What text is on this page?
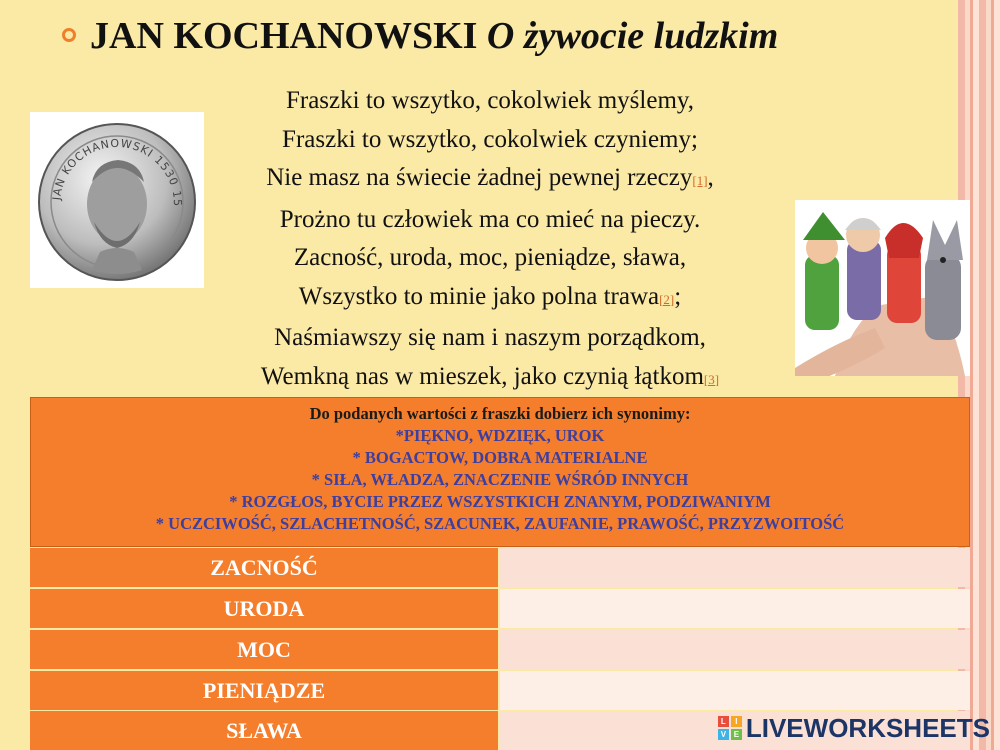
JAN KOCHANOWSKI O żywocie ludzkim
JAN KOCHANOWSKI 1530 15
Fraszki to wszytko, cokolwiek myślemy,
Fraszki to wszytko, cokolwiek czyniemy;
Nie masz na świecie żadnej pewnej rzeczy[1],
Prożno tu człowiek ma co mieć na pieczy.
Zacność, uroda, moc, pieniądze, sława,
Wszystko to minie jako polna trawa[2];
Naśmiawszy się nam i naszym porządkom,
Wemkną nas w mieszek, jako czynią łątkom[3]
Do podanych wartości z fraszki dobierz ich synonimy:
*PIĘKNO, WDZIĘK, UROK
* BOGACTOW, DOBRA MATERIALNE
* SIŁA, WŁADZA, ZNACZENIE WŚRÓD INNYCH
* ROZGŁOS, BYCIE PRZEZ WSZYSTKICH ZNANYM, PODZIWANIYM
* UCZCIWOŚĆ, SZLACHETNOŚĆ, SZACUNEK, ZAUFANIE, PRAWOŚĆ, PRZYZWOITOŚĆ
ZACNOŚĆ
URODA
MOC
PIENIĄDZE
SŁAWA	L	I
V E LIVEWORKSHEETS
